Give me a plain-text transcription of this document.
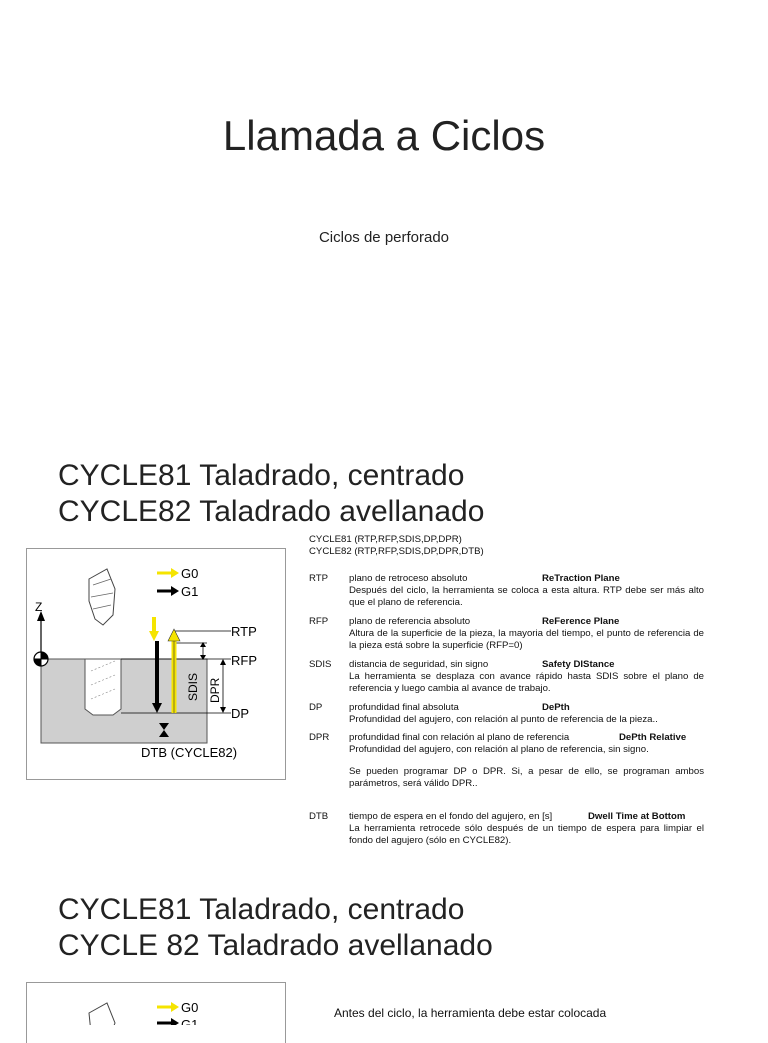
Llamada a Ciclos
Ciclos de perforado
CYCLE81 Taladrado, centrado
CYCLE82 Taladrado avellanado
Z
G0
G1
RTP
RFP
DP
SDIS DPR
DTB (CYCLE82)
CYCLE81 (RTP,RFP,SDIS,DP,DPR)
CYCLE82 (RTP,RFP,SDIS,DP,DPR,DTB)
RTP	plano de retroceso absoluto	ReTraction Plane
Después del ciclo, la herramienta se coloca a esta altura. RTP debe ser más alto que el plano de referencia.
RFP	plano de referencia absoluto	ReFerence Plane
Altura de la superficie de la pieza, la mayoria del tiempo, el punto de referencia de la pieza está sobre la superficie (RFP=0)
SDIS	distancia de seguridad, sin signo	Safety DIStance
La herramienta se desplaza con avance rápido hasta SDIS sobre el plano de referencia y luego cambia al avance de trabajo.
DP	profundidad final absoluta	DePth
Profundidad del agujero, con relación al punto de referencia de la pieza..
DPR	profundidad final con relación al plano de referencia	DePth Relative
Profundidad del agujero, con relación al plano de referencia, sin signo.
Se pueden programar DP o DPR. Si, a pesar de ello, se programan ambos parámetros, será válido DPR..
DTB	tiempo de espera en el fondo del agujero, en [s]	Dwell Time at Bottom
La herramienta retrocede sólo después de un tiempo de espera para limpiar el fondo del agujero (sólo en CYCLE82).
CYCLE81 Taladrado, centrado
CYCLE 82 Taladrado avellanado
G0
G1
Antes del ciclo, la herramienta debe estar colocada
